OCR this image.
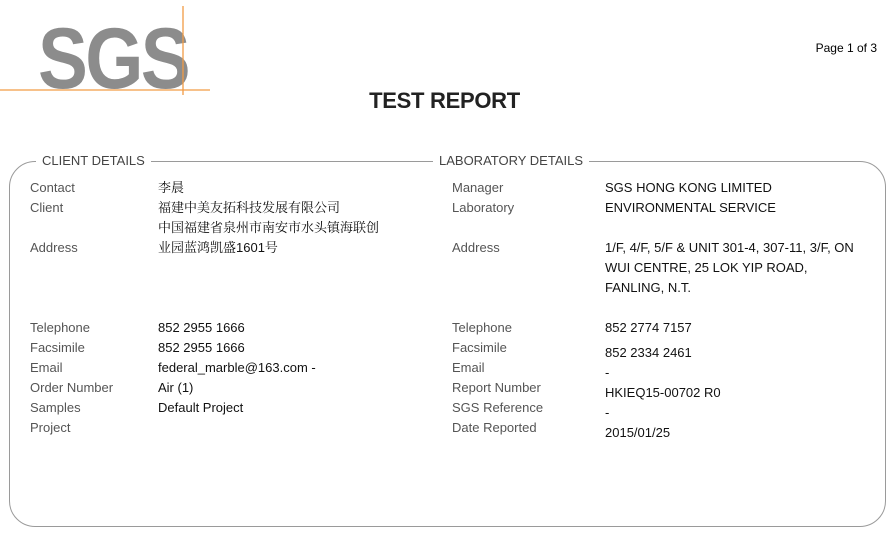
SGS	Page 1 of 3
TEST REPORT
CLIENT DETAILS	LABORATORY DETAILS
Contact
Client
Address
Telephone
Facsimile
Email
Order Number
Samples
Project
李晨
福建中美友拓科技发展有限公司
中国福建省泉州市南安市水头镇海联创
业园蓝鸿凯盛1601号
852 2955 1666
852 2955 1666
federal_marble@163.com -
Air (1)
Default Project
Manager
Laboratory
Address
Telephone
Facsimile
Email
Report Number
SGS Reference
Date Reported
SGS HONG KONG LIMITED
ENVIRONMENTAL SERVICE
1/F, 4/F, 5/F & UNIT 301-4, 307-11, 3/F, ON
WUI CENTRE, 25 LOK YIP ROAD,
FANLING, N.T.
852 2774 7157
852 2334 2461
-
HKIEQ15-00702 R0
-
2015/01/25
